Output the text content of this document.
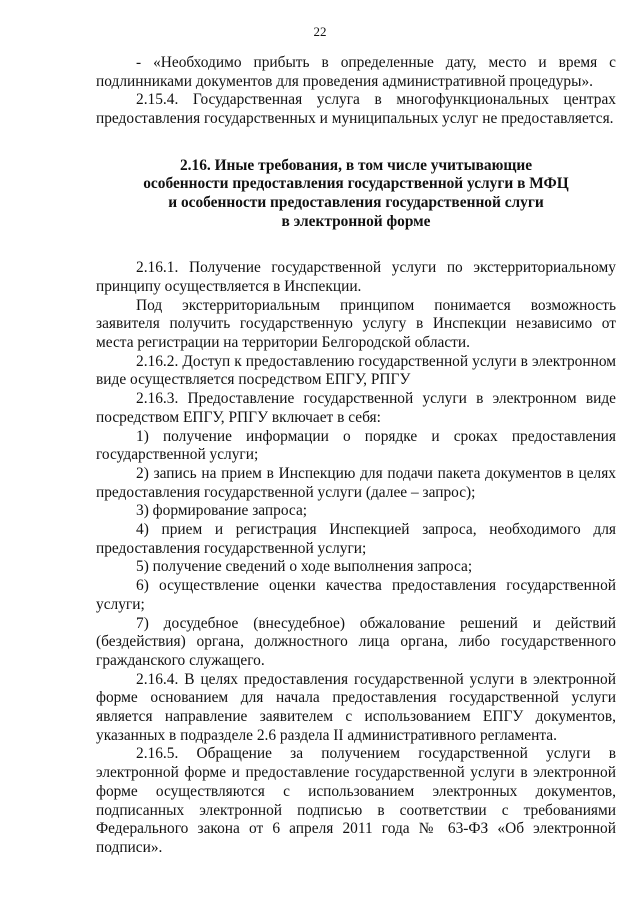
22

- «Необходимо прибыть в определенные дату, место и время с подлинниками документов для проведения административной процедуры».

2.15.4. Государственная услуга в многофункциональных центрах предоставления государственных и муниципальных услуг не предоставляется.

2.16. Иные требования, в том числе учитывающие
особенности предоставления государственной услуги в МФЦ
и особенности предоставления государственной слуги
в электронной форме

2.16.1. Получение государственной услуги по экстерриториальному принципу осуществляется в Инспекции.

Под экстерриториальным принципом понимается возможность заявителя получить государственную услугу в Инспекции независимо от места регистрации на территории Белгородской области.

2.16.2. Доступ к предоставлению государственной услуги в электронном виде осуществляется посредством ЕПГУ, РПГУ

2.16.3. Предоставление государственной услуги в электронном виде посредством ЕПГУ, РПГУ включает в себя:

1) получение информации о порядке и сроках предоставления государственной услуги;

2) запись на прием в Инспекцию для подачи пакета документов в целях предоставления государственной услуги (далее – запрос);

3) формирование запроса;

4) прием и регистрация Инспекцией запроса, необходимого для предоставления государственной услуги;

5) получение сведений о ходе выполнения запроса;

6) осуществление оценки качества предоставления государственной услуги;

7) досудебное (внесудебное) обжалование решений и действий (бездействия) органа, должностного лица органа, либо государственного гражданского служащего.

2.16.4. В целях предоставления государственной услуги в электронной форме основанием для начала предоставления государственной услуги является направление заявителем с использованием ЕПГУ документов, указанных в подразделе 2.6 раздела II административного регламента.

2.16.5. Обращение за получением государственной услуги в электронной форме и предоставление государственной услуги в электронной форме осуществляются с использованием электронных документов, подписанных электронной подписью в соответствии с требованиями Федерального закона от 6 апреля 2011 года № 63-ФЗ «Об электронной подписи».
